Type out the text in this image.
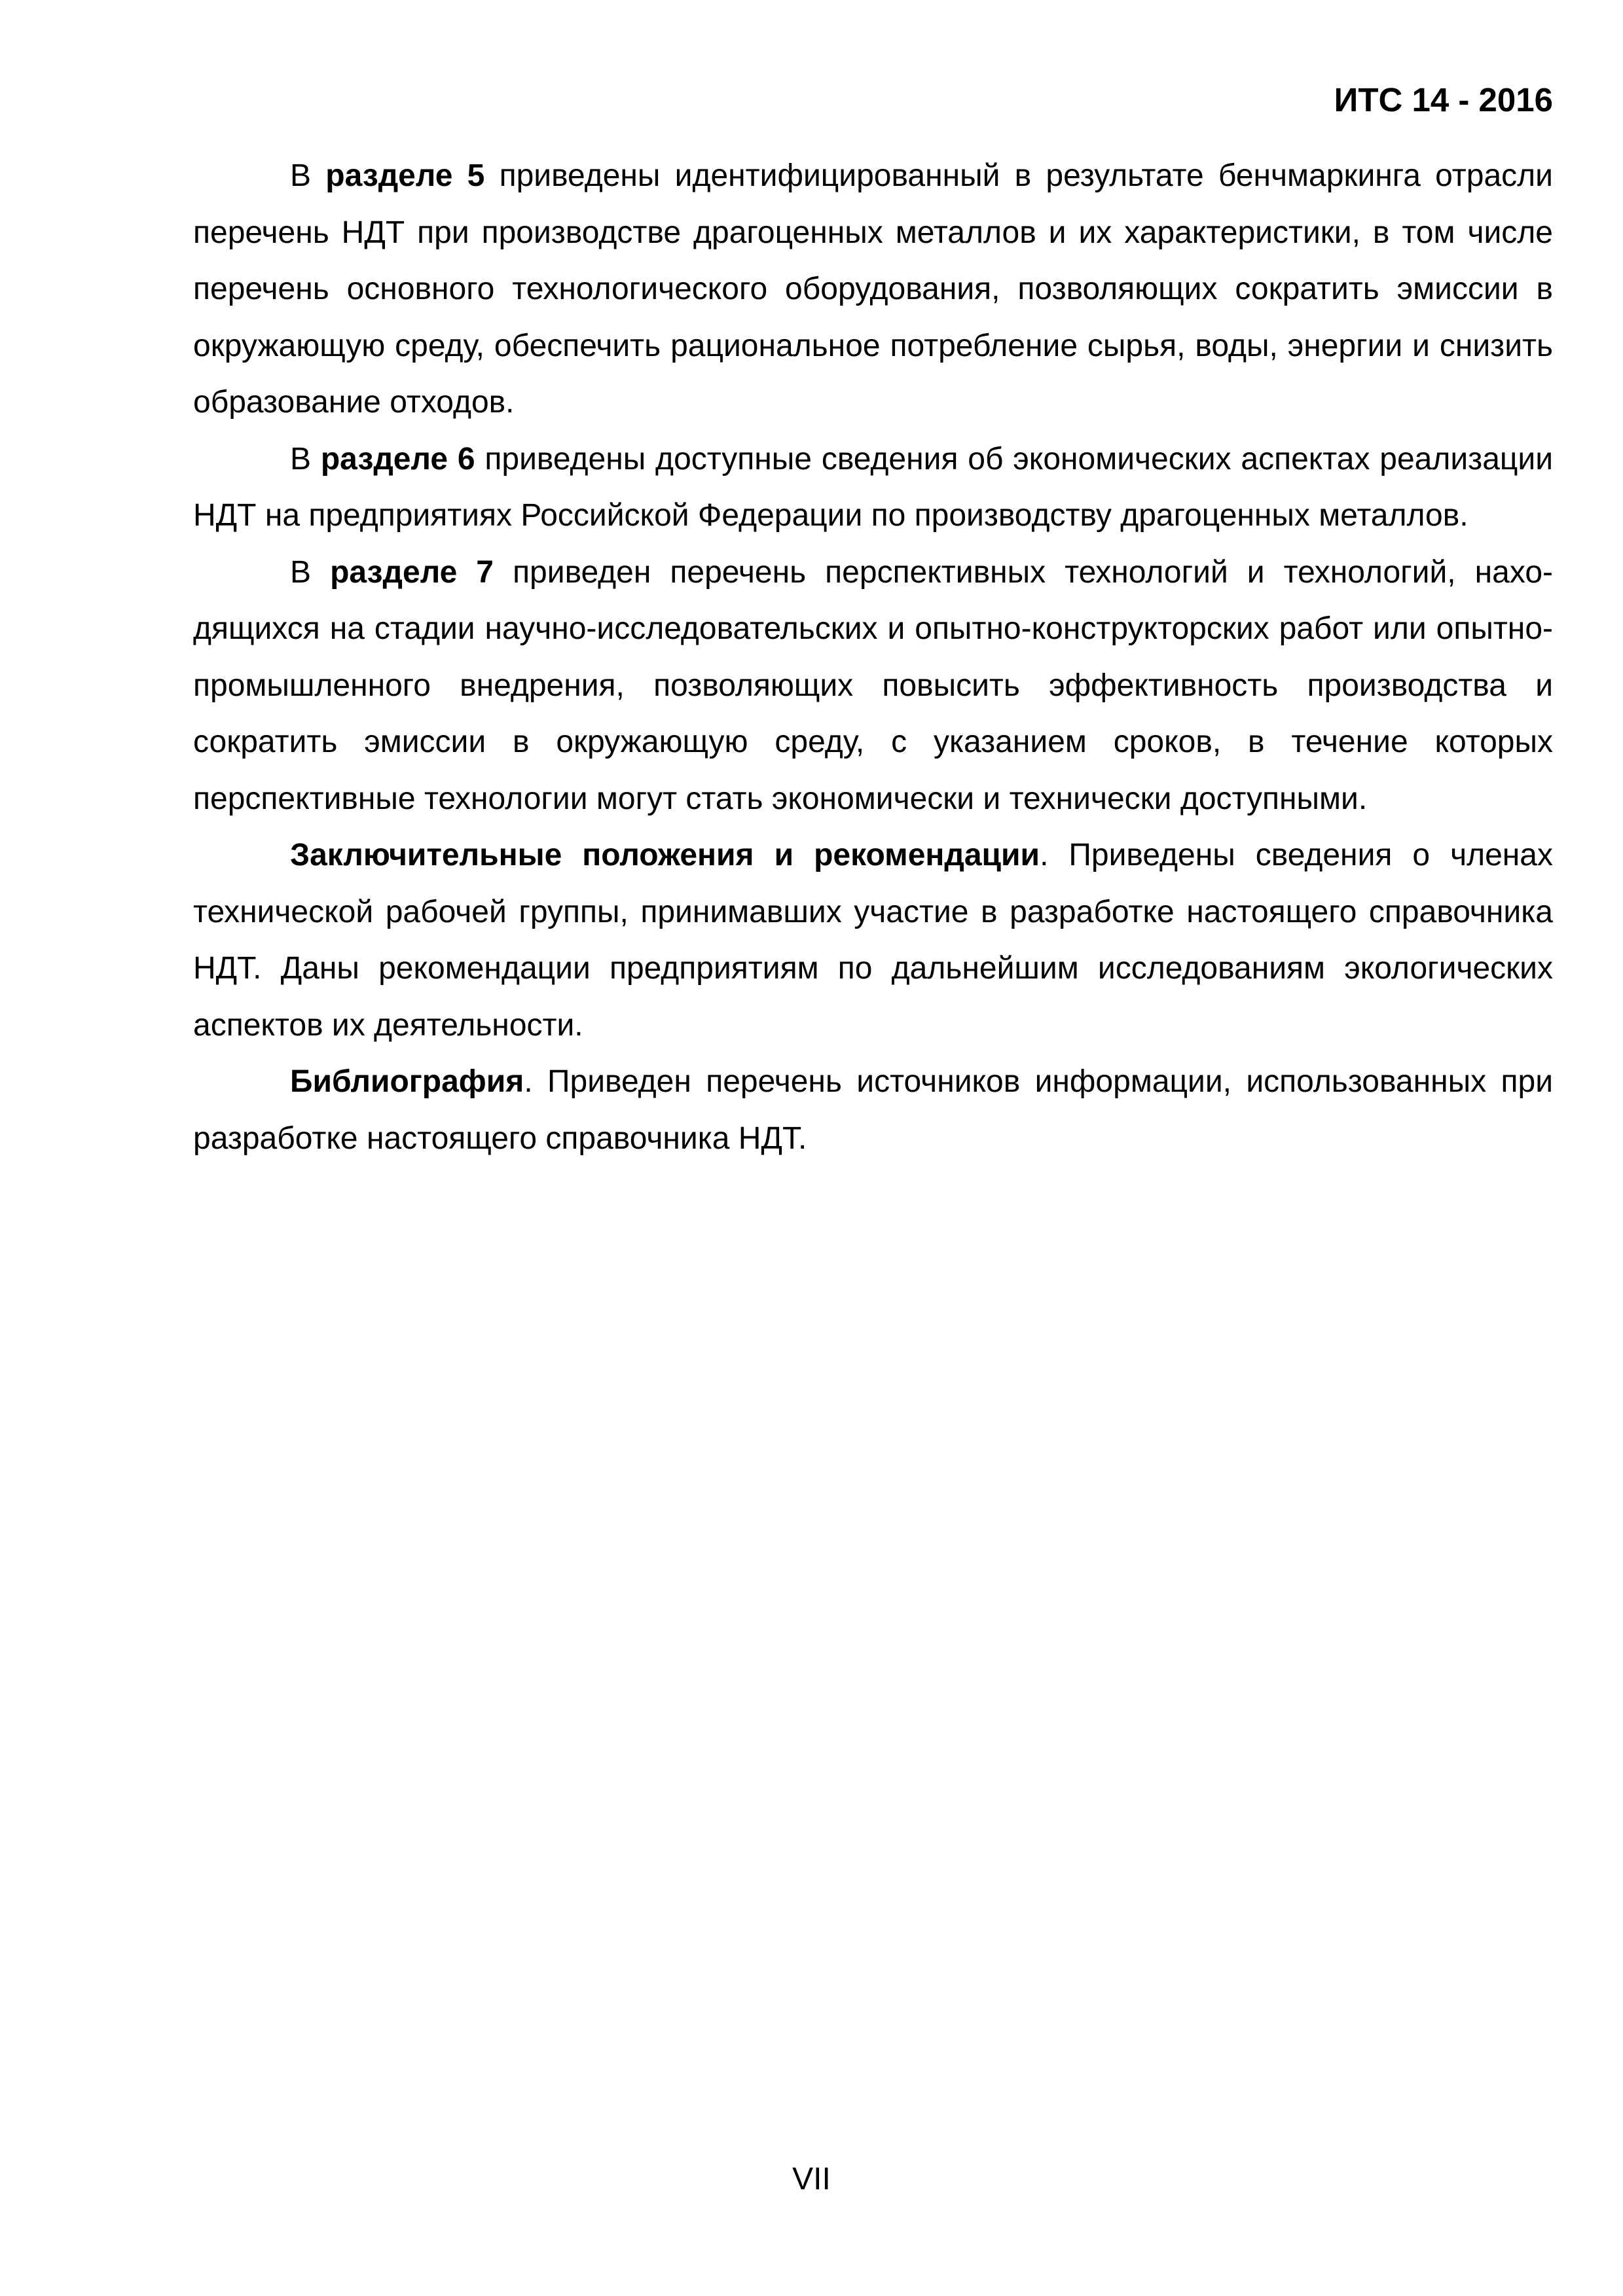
ИТС 14 - 2016

В разделе 5 приведены идентифицированный в результате бенчмаркинга отрасли перечень НДТ при производстве драгоценных металлов и их характеристики, в том числе перечень основного технологического оборудования, позволяющих сократить эмиссии в окружающую среду, обеспечить рациональное потребление сырья, воды, энергии и снизить образование отходов.

В разделе 6 приведены доступные сведения об экономических аспектах реализации НДТ на предприятиях Российской Федерации по производству драгоценных металлов.

В разделе 7 приведен перечень перспективных технологий и технологий, находящихся на стадии научно-исследовательских и опытно-конструкторских работ или опытно-промышленного внедрения, позволяющих повысить эффективность производства и сократить эмиссии в окружающую среду, с указанием сроков, в течение которых перспективные технологии могут стать экономически и технически доступными.

Заключительные положения и рекомендации. Приведены сведения о членах технической рабочей группы, принимавших участие в разработке настоящего справочника НДТ. Даны рекомендации предприятиям по дальнейшим исследованиям экологических аспектов их деятельности.

Библиография. Приведен перечень источников информации, использованных при разработке настоящего справочника НДТ.

VII
